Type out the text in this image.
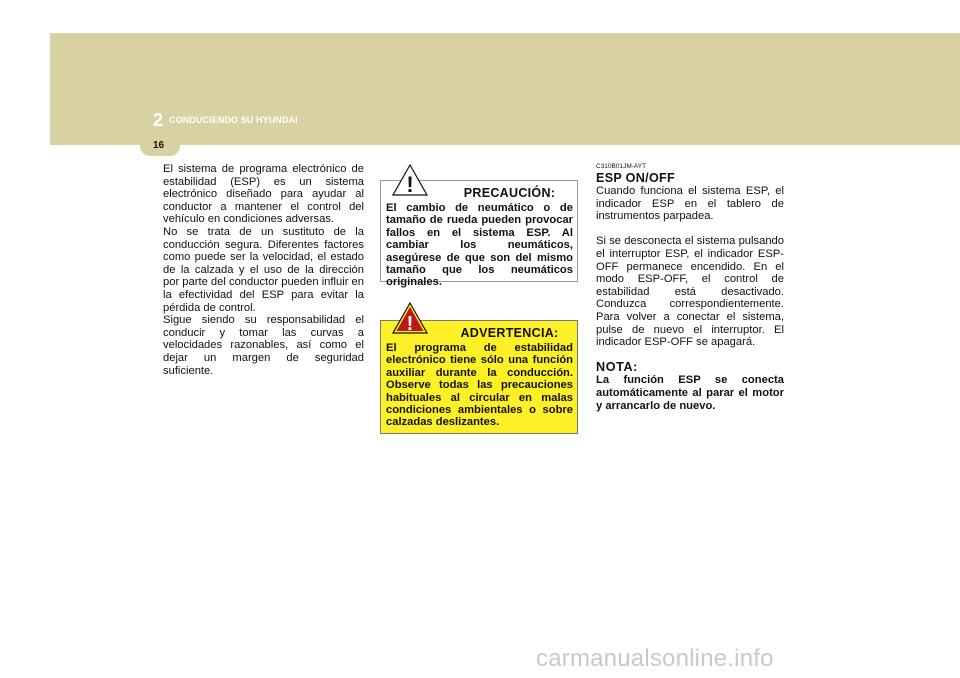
2 CONDUCIENDO SU HYUNDAI
16

El sistema de programa electrónico de estabilidad (ESP) es un sistema electrónico diseñado para ayudar al conductor a mantener el control del vehículo en condiciones adversas.

No se trata de un sustituto de la conducción segura. Diferentes factores como puede ser la velocidad, el estado de la calzada y el uso de la dirección por parte del conductor pueden influir en la efectividad del ESP para evitar la pérdida de control.

Sigue siendo su responsabilidad el conducir y tomar las curvas a velocidades razonables, así como el dejar un margen de seguridad suficiente.

PRECAUCIÓN:

El cambio de neumático o de tamaño de rueda pueden provocar fallos en el sistema ESP. Al cambiar los neumáticos, asegúrese de que son del mismo tamaño que los neumáticos originales.

!
ADVERTENCIA:

El programa de estabilidad electrónico tiene sólo una función auxiliar durante la conducción. Observe todas las precauciones habituales al circular en malas condiciones ambientales o sobre calzadas deslizantes.

!

C310B01JM-AYT

ESP ON/OFF

Cuando funciona el sistema ESP, el indicador ESP en el tablero de instrumentos parpadea.

Si se desconecta el sistema pulsando el interruptor ESP, el indicador ESP-OFF permanece encendido. En el modo ESP-OFF, el control de estabilidad está desactivado. Conduzca correspondientemente. Para volver a conectar el sistema, pulse de nuevo el interruptor. El indicador ESP-OFF se apagará.

NOTA:

La función ESP se conecta automáticamente al parar el motor y arrancarlo de nuevo.

carmanualsonline.info
